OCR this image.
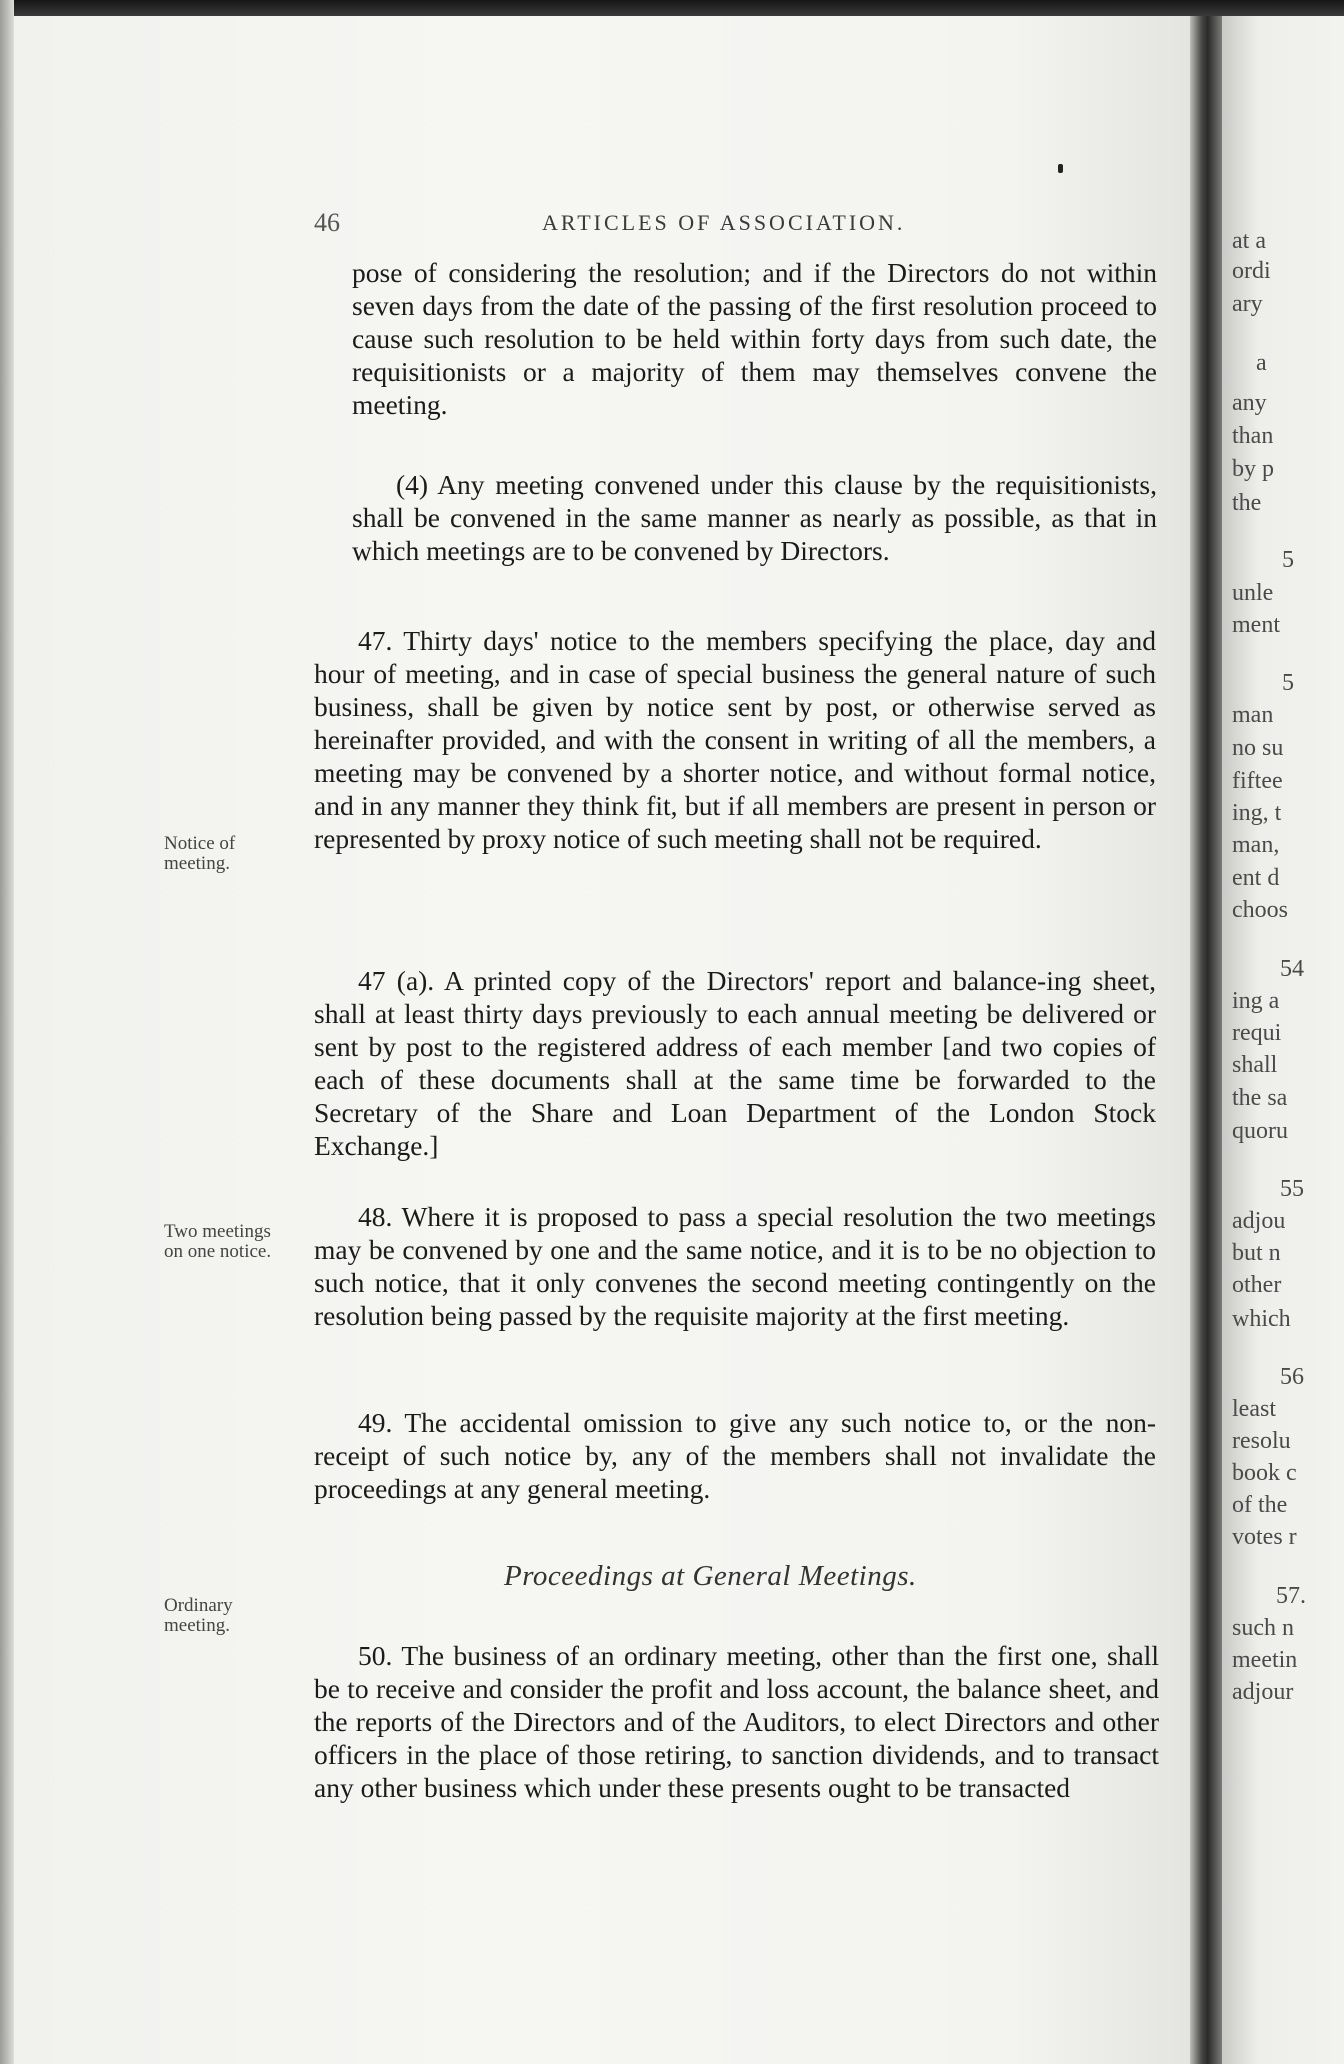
46	ARTICLES OF ASSOCIATION.
Notice of meeting.
Two meetings on one notice.
Ordinary meeting.

pose of considering the resolution; and if the Directors do not within seven days from the date of the passing of the first resolution proceed to cause such resolution to be held within forty days from such date, the requisitionists or a majority of them may themselves convene the meeting.

(4) Any meeting convened under this clause by the requisitionists, shall be convened in the same manner as nearly as possible, as that in which meetings are to be convened by Directors.

47. Thirty days' notice to the members specifying the place, day and hour of meeting, and in case of special business the general nature of such business, shall be given by notice sent by post, or otherwise served as hereinafter provided, and with the consent in writing of all the members, a meeting may be convened by a shorter notice, and without formal notice, and in any manner they think fit, but if all members are present in person or represented by proxy notice of such meeting shall not be required.

47 (a). A printed copy of the Directors' report and balance-ing sheet, shall at least thirty days previously to each annual meeting be delivered or sent by post to the registered address of each member [and two copies of each of these documents shall at the same time be forwarded to the Secretary of the Share and Loan Department of the London Stock Exchange.]

48. Where it is proposed to pass a special resolution the two meetings may be convened by one and the same notice, and it is to be no objection to such notice, that it only convenes the second meeting contingently on the resolution being passed by the requisite majority at the first meeting.

49. The accidental omission to give any such notice to, or the non-receipt of such notice by, any of the members shall not invalidate the proceedings at any general meeting.

Proceedings at General Meetings.

50. The business of an ordinary meeting, other than the first one, shall be to receive and consider the profit and loss account, the balance sheet, and the reports of the Directors and of the Auditors, to elect Directors and other officers in the place of those retiring, to sanction dividends, and to transact any other business which under these presents ought to be transacted

at a
ordi
ary
a
any
than
by p
the
5
unle
ment
5
man
no su
fiftee
ing, t
man,
ent d
choos
54
ing a
requi
shall
the sa
quoru
55
adjou
but n
other
which
56
least
resolu
book c
of the
votes r
57.
such n
meetin
adjour
